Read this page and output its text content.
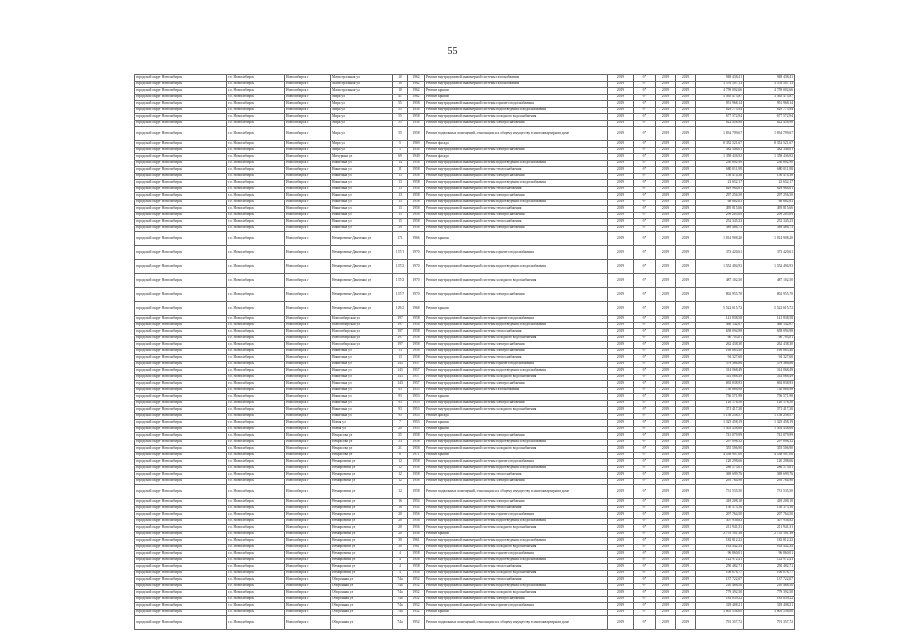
55
городской округ Новосибирск	г.о. Новосибирск	Новосибирск г	Магистральная ул	10	1962	Ремонт внутридомовой инженерной системы газоснабжения	2019	б*	2019	2019	948 438,41	948 438,41
городской округ Новосибирск	г.о. Новосибирск	Новосибирск г	Магистральная ул	10	1962	Ремонт внутридомовой инженерной системы газоснабжения	2019	б*	2019	2019	3 376 507,13	3 376 507,13
городской округ Новосибирск	г.о. Новосибирск	Новосибирск г	Магистральная ул	10	1962	Ремонт крыши	2019	б*	2019	2019	4 759 002,66	4 759 002,66
городской округ Новосибирск	г.о. Новосибирск	Новосибирск г	Мира ул	41	1962	Ремонт крыши	2019	б*	2019	2019	3 365 475,87	3 365 475,87
городской округ Новосибирск	г.о. Новосибирск	Новосибирск г	Мира ул	55	1958	Ремонт внутридомовой инженерной системы горячего водоснабжения	2019	б*	2019	2019	951 968,14	951 968,14
городской округ Новосибирск	г.о. Новосибирск	Новосибирск г	Мира ул	55	1958	Ремонт внутридомовой инженерной системы водоотведения и водоснабжения	2019	б*	2019	2019	829 775,94	829 775,94
городской округ Новосибирск	г.о. Новосибирск	Новосибирск г	Мира ул	55	1958	Ремонт внутридомовой инженерной системы холодного водоснабжения	2019	б*	2019	2019	677 572,94	677 572,94
городской округ Новосибирск	г.о. Новосибирск	Новосибирск г	Мира ул	55	1958	Ремонт внутридомовой инженерной системы электроснабжения	2019	б*	2019	2019	822 458,98	822 458,98
городской округ Новосибирск	г.о. Новосибирск	Новосибирск г	Мира ул	55	1958	Ремонт подвальных помещений, относящихся к общему имуществу в многоквартирном доме	2019	б*	2019	2019	1 834 799,67	1 834 799,67
городской округ Новосибирск	г.о. Новосибирск	Новосибирск г	Мира ул	5	1969	Ремонт фасада	2019	б*	2019	2019	8 352 521,67	8 352 521,67
городской округ Новосибирск	г.о. Новосибирск	Новосибирск г	Мира ул	5	1958	Ремонт внутридомовой инженерной системы электроснабжения	2019	б*	2019	2019	382 346,01	382 346,01
городской округ Новосибирск	г.о. Новосибирск	Новосибирск г	Мичурина ул	69	1949	Ремонт фасада	2019	б*	2019	2019	1 358 436,92	1 358 436,92
городской округ Новосибирск	г.о. Новосибирск	Новосибирск г	Никитина ул	14	1958	Ремонт внутридомовой инженерной системы водоотведения и водоснабжения	2019	б*	2019	2019	230 802,90	230 802,90
городской округ Новосибирск	г.о. Новосибирск	Новосибирск г	Никитина ул	11	1958	Ремонт внутридомовой инженерной системы теплоснабжения	2019	б*	2019	2019	680 011,98	680 011,98
городской округ Новосибирск	г.о. Новосибирск	Новосибирск г	Никитина ул	13	1958	Ремонт внутридомовой инженерной системы электроснабжения	2019	б*	2019	2019	156 474,36	156 474,36
городской округ Новосибирск	г.о. Новосибирск	Новосибирск г	Никитина ул	13	1958	Ремонт внутридомовой инженерной системы водоотведения и водоснабжения	2019	б*	2019	2019	23 652,17	23 652,17
городской округ Новосибирск	г.о. Новосибирск	Новосибирск г	Никитина ул	13	1958	Ремонт внутридомовой инженерной системы теплоснабжения	2019	б*	2019	2019	629 964,61	629 964,61
городской округ Новосибирск	г.о. Новосибирск	Новосибирск г	Никитина ул	13	1958	Ремонт внутридомовой инженерной системы электроснабжения	2019	б*	2019	2019	297 256,50	297 256,50
городской округ Новосибирск	г.о. Новосибирск	Новосибирск г	Никитина ул	13	1958	Ремонт внутридомовой инженерной системы водоотведения и водоснабжения	2019	б*	2019	2019	68 662,63	68 662,63
городской округ Новосибирск	г.о. Новосибирск	Новосибирск г	Никитина ул	13	1958	Ремонт внутридомовой инженерной системы теплоснабжения	2019	б*	2019	2019	495 815,66	495 815,66
городской округ Новосибирск	г.о. Новосибирск	Новосибирск г	Никитина ул	13	1958	Ремонт внутридомовой инженерной системы электроснабжения	2019	б*	2019	2019	299 205,09	299 205,09
городской округ Новосибирск	г.о. Новосибирск	Новосибирск г	Никитина ул	15	1958	Ремонт внутридомовой инженерной системы теплоснабжения	2019	б*	2019	2019	252 345,23	252 345,23
городской округ Новосибирск	г.о. Новосибирск	Новосибирск г	Никитина ул	39	1958	Ремонт внутридомовой инженерной системы электроснабжения	2019	б*	2019	2019	389 466,73	389 466,73
городской округ Новосибирск	г.о. Новосибирск	Новосибирск г	Немировича-Данченко ул	171	1966	Ремонт крыши	2019	б*	2019	2019	1 814 908,20	1 814 908,20
городской округ Новосибирск	г.о. Новосибирск	Новосибирск г	Немировича-Данченко ул	137/1	1970	Ремонт внутридомовой инженерной системы горячего водоснабжения	2019	б*	2019	2019	373 420,61	373 420,61
городской округ Новосибирск	г.о. Новосибирск	Новосибирск г	Немировича-Данченко ул	137/2	1970	Ремонт внутридомовой инженерной системы водоотведения и водоснабжения	2019	б*	2019	2019	1 552 494,93	1 552 494,93
городской округ Новосибирск	г.о. Новосибирск	Новосибирск г	Немировича-Данченко ул	137/2	1970	Ремонт внутридомовой инженерной системы холодного водоснабжения	2019	б*	2019	2019	487 102,50	487 102,50
городской округ Новосибирск	г.о. Новосибирск	Новосибирск г	Немировича-Данченко ул	137/7	1970	Ремонт внутридомовой инженерной системы электроснабжения	2019	б*	2019	2019	802 955,70	802 955,70
городской округ Новосибирск	г.о. Новосибирск	Новосибирск г	Немировича-Данченко ул	129/2	1968	Ремонт крыши	2019	б*	2019	2019	5 522 615,72	5 522 615,72
городской округ Новосибирск	г.о. Новосибирск	Новосибирск г	Новосибирская ул	197	1958	Ремонт внутридомовой инженерной системы горячего водоснабжения	2019	б*	2019	2019	141 838,58	141 838,58
городской округ Новосибирск	г.о. Новосибирск	Новосибирск г	Новосибирская ул	197	1958	Ремонт внутридомовой инженерной системы водоотведения и водоснабжения	2019	б*	2019	2019	460 142,67	460 142,67
городской округ Новосибирск	г.о. Новосибирск	Новосибирск г	Новосибирская ул	197	1958	Ремонт внутридомовой инженерной системы теплоснабжения	2019	б*	2019	2019	658 094,98	658 094,98
городской округ Новосибирск	г.о. Новосибирск	Новосибирск г	Новосибирская ул	197	1958	Ремонт внутридомовой инженерной системы холодного водоснабжения	2019	б*	2019	2019	60 703,01	60 703,01
городской округ Новосибирск	г.о. Новосибирск	Новосибирск г	Новосибирская ул	197	1958	Ремонт внутридомовой инженерной системы электроснабжения	2019	б*	2019	2019	262 438,30	262 438,30
городской округ Новосибирск	г.о. Новосибирск	Новосибирск г	Никитина ул	13	1958	Ремонт внутридомовой инженерной системы электроснабжения	2019	б*	2019	2019	169 863,40	169 863,40
городской округ Новосибирск	г.о. Новосибирск	Новосибирск г	Никитина ул	13	1958	Ремонт внутридомовой инженерной системы теплоснабжения	2019	б*	2019	2019	94 327,60	94 327,60
городской округ Новосибирск	г.о. Новосибирск	Новосибирск г	Никитина ул	143	1957	Ремонт внутридомовой инженерной системы горячего водоснабжения	2019	б*	2019	2019	379 366,86	379 366,86
городской округ Новосибирск	г.о. Новосибирск	Новосибирск г	Никитина ул	143	1957	Ремонт внутридомовой инженерной системы водоотведения и водоснабжения	2019	б*	2019	2019	314 068,49	314 068,49
городской округ Новосибирск	г.о. Новосибирск	Новосибирск г	Никитина ул	143	1957	Ремонт внутридомовой инженерной системы холодного водоснабжения	2019	б*	2019	2019	314 068,49	314 068,49
городской округ Новосибирск	г.о. Новосибирск	Новосибирск г	Никитина ул	143	1957	Ремонт внутридомовой инженерной системы электроснабжения	2019	б*	2019	2019	692 838,93	692 838,93
городской округ Новосибирск	г.о. Новосибирск	Новосибирск г	Никитина ул	93	1953	Ремонт внутридомовой инженерной системы газоснабжения	2019	б*	2019	2019	730 886,98	730 886,98
городской округ Новосибирск	г.о. Новосибирск	Новосибирск г	Никитина ул	93	1953	Ремонт крыши	2019	б*	2019	2019	756 571,98	756 571,98
городской округ Новосибирск	г.о. Новосибирск	Новосибирск г	Никитина ул	93	1953	Ремонт внутридомовой инженерной системы электроснабжения	2019	б*	2019	2019	120 176,50	120 176,50
городской округ Новосибирск	г.о. Новосибирск	Новосибирск г	Никитина ул	93	1953	Ремонт внутридомовой инженерной системы холодного водоснабжения	2019	б*	2019	2019	371 417,30	371 417,30
городской округ Новосибирск	г.о. Новосибирск	Новосибирск г	Никитина ул	93	1953	Ремонт фасада	2019	б*	2019	2019	1 158 258,57	1 158 258,57
городской округ Новосибирск	г.о. Новосибирск	Новосибирск г	Новая ул	7	1953	Ремонт крыши	2019	б*	2019	2019	1 325 458,19	1 325 458,19
городской округ Новосибирск	г.о. Новосибирск	Новосибирск г	Новая ул	20	1953	Ремонт крыши	2019	б*	2019	2019	1 303 438,68	1 303 438,68
городской округ Новосибирск	г.о. Новосибирск	Новосибирск г	Некрасова ул	55	1958	Ремонт внутридомовой инженерной системы электроснабжения	2019	б*	2019	2019	741 079,99	741 079,99
городской округ Новосибирск	г.о. Новосибирск	Новосибирск г	Некрасова ул	53	1958	Ремонт внутридомовой инженерной системы водоотведения и водоснабжения	2019	б*	2019	2019	297 098,32	297 098,32
городской округ Новосибирск	г.о. Новосибирск	Новосибирск г	Некрасова ул	21	1958	Ремонт внутридомовой инженерной системы холодного водоснабжения	2019	б*	2019	2019	355 506,90	355 506,90
городской округ Новосибирск	г.о. Новосибирск	Новосибирск г	Некрасова ул	8	1971	Ремонт крыши	2019	б*	2019	2019	4 538 907,00	4 538 907,00
городской округ Новосибирск	г.о. Новосибирск	Новосибирск г	Немировича ул	12	1958	Ремонт внутридомовой инженерной системы горячего водоснабжения	2019	б*	2019	2019	120 298,66	120 298,66
городской округ Новосибирск	г.о. Новосибирск	Новосибирск г	Немировича ул	12	1958	Ремонт внутридомовой инженерной системы водоотведения и водоснабжения	2019	б*	2019	2019	286 573,61	286 573,61
городской округ Новосибирск	г.о. Новосибирск	Новосибирск г	Немировича ул	12	1958	Ремонт внутридомовой инженерной системы теплоснабжения	2019	б*	2019	2019	369 699,76	369 699,76
городской округ Новосибирск	г.о. Новосибирск	Новосибирск г	Немировича ул	12	1958	Ремонт внутридомовой инженерной системы электроснабжения	2019	б*	2019	2019	295 764,90	295 764,90
городской округ Новосибирск	г.о. Новосибирск	Новосибирск г	Немировича ул	12	1958	Ремонт подвальных помещений, относящихся к общему имуществу в многоквартирном доме	2019	б*	2019	2019	731 535,50	731 535,50
городской округ Новосибирск	г.о. Новосибирск	Новосибирск г	Немировича ул	16	1954	Ремонт внутридомовой инженерной системы электроснабжения	2019	б*	2019	2019	418 208,10	418 208,10
городской округ Новосибирск	г.о. Новосибирск	Новосибирск г	Немировича ул	16	1954	Ремонт внутридомовой инженерной системы теплоснабжения	2019	б*	2019	2019	150 373,16	150 373,16
городской округ Новосибирск	г.о. Новосибирск	Новосибирск г	Немировича ул	20	1956	Ремонт внутридомовой инженерной системы горячего водоснабжения	2019	б*	2019	2019	207 764,50	207 764,50
городской округ Новосибирск	г.о. Новосибирск	Новосибирск г	Немировича ул	20	1956	Ремонт внутридомовой инженерной системы водоотведения и водоснабжения	2019	б*	2019	2019	307 936,82	307 936,82
городской округ Новосибирск	г.о. Новосибирск	Новосибирск г	Немировича ул	20	1956	Ремонт внутридомовой инженерной системы холодного водоснабжения	2019	б*	2019	2019	211 941,31	211 941,31
городской округ Новосибирск	г.о. Новосибирск	Новосибирск г	Немировича ул	20	1956	Ремонт крыши	2019	б*	2019	2019	2 755 101,38	2 755 101,38
городской округ Новосибирск	г.о. Новосибирск	Новосибирск г	Немировича ул	30	1961	Ремонт внутридомовой инженерной системы водоотведения и водоснабжения	2019	б*	2019	2019	182 812,22	182 812,22
городской округ Новосибирск	г.о. Новосибирск	Новосибирск г	Немировича ул	30	1961	Ремонт внутридомовой инженерной системы холодного водоснабжения	2019	б*	2019	2019	163 442,34	163 442,34
городской округ Новосибирск	г.о. Новосибирск	Новосибирск г	Немировича ул	4	1958	Ремонт внутридомовой инженерной системы горячего водоснабжения	2019	б*	2019	2019	96 860,01	96 860,01
городской округ Новосибирск	г.о. Новосибирск	Новосибирск г	Немировича ул	4	1958	Ремонт внутридомовой инженерной системы водоотведения и водоснабжения	2019	б*	2019	2019	122 972,41	122 972,41
городской округ Новосибирск	г.о. Новосибирск	Новосибирск г	Немировича ул	4	1958	Ремонт внутридомовой инженерной системы теплоснабжения	2019	б*	2019	2019	250 482,71	250 482,71
городской округ Новосибирск	г.о. Новосибирск	Новосибирск г	Немировича ул	4	1958	Ремонт внутридомовой инженерной системы холодного водоснабжения	2019	б*	2019	2019	106 076,77	106 076,77
городской округ Новосибирск	г.о. Новосибирск	Новосибирск г	Оборонная ул	74а	1952	Ремонт внутридомовой инженерной системы теплоснабжения	2019	б*	2019	2019	137 722,07	137 722,07
городской округ Новосибирск	г.о. Новосибирск	Новосибирск г	Оборонная ул	74а	1952	Ремонт внутридомовой инженерной системы водоотведения и водоснабжения	2019	б*	2019	2019	210 468,50	210 468,50
городской округ Новосибирск	г.о. Новосибирск	Новосибирск г	Оборонная ул	74а	1952	Ремонт внутридомовой инженерной системы холодного водоснабжения	2019	б*	2019	2019	779 392,50	779 392,50
городской округ Новосибирск	г.о. Новосибирск	Новосибирск г	Оборонная ул	74а	1952	Ремонт внутридомовой инженерной системы электроснабжения	2019	б*	2019	2019	183 839,22	183 839,22
городской округ Новосибирск	г.о. Новосибирск	Новосибирск г	Оборонная ул	74а	1952	Ремонт внутридомовой инженерной системы горячего водоснабжения	2019	б*	2019	2019	318 408,21	318 408,21
городской округ Новосибирск	г.о. Новосибирск	Новосибирск г	Оборонная ул	74а	1952	Ремонт крыши	2019	б*	2019	2019	3 805 556,00	3 805 556,00
городской округ Новосибирск	г.о. Новосибирск	Новосибирск г	Оборонная ул	74а	1952	Ремонт подвальных помещений, относящихся к общему имуществу в многоквартирном доме	2019	б*	2019	2019	791 357,72	791 357,72
